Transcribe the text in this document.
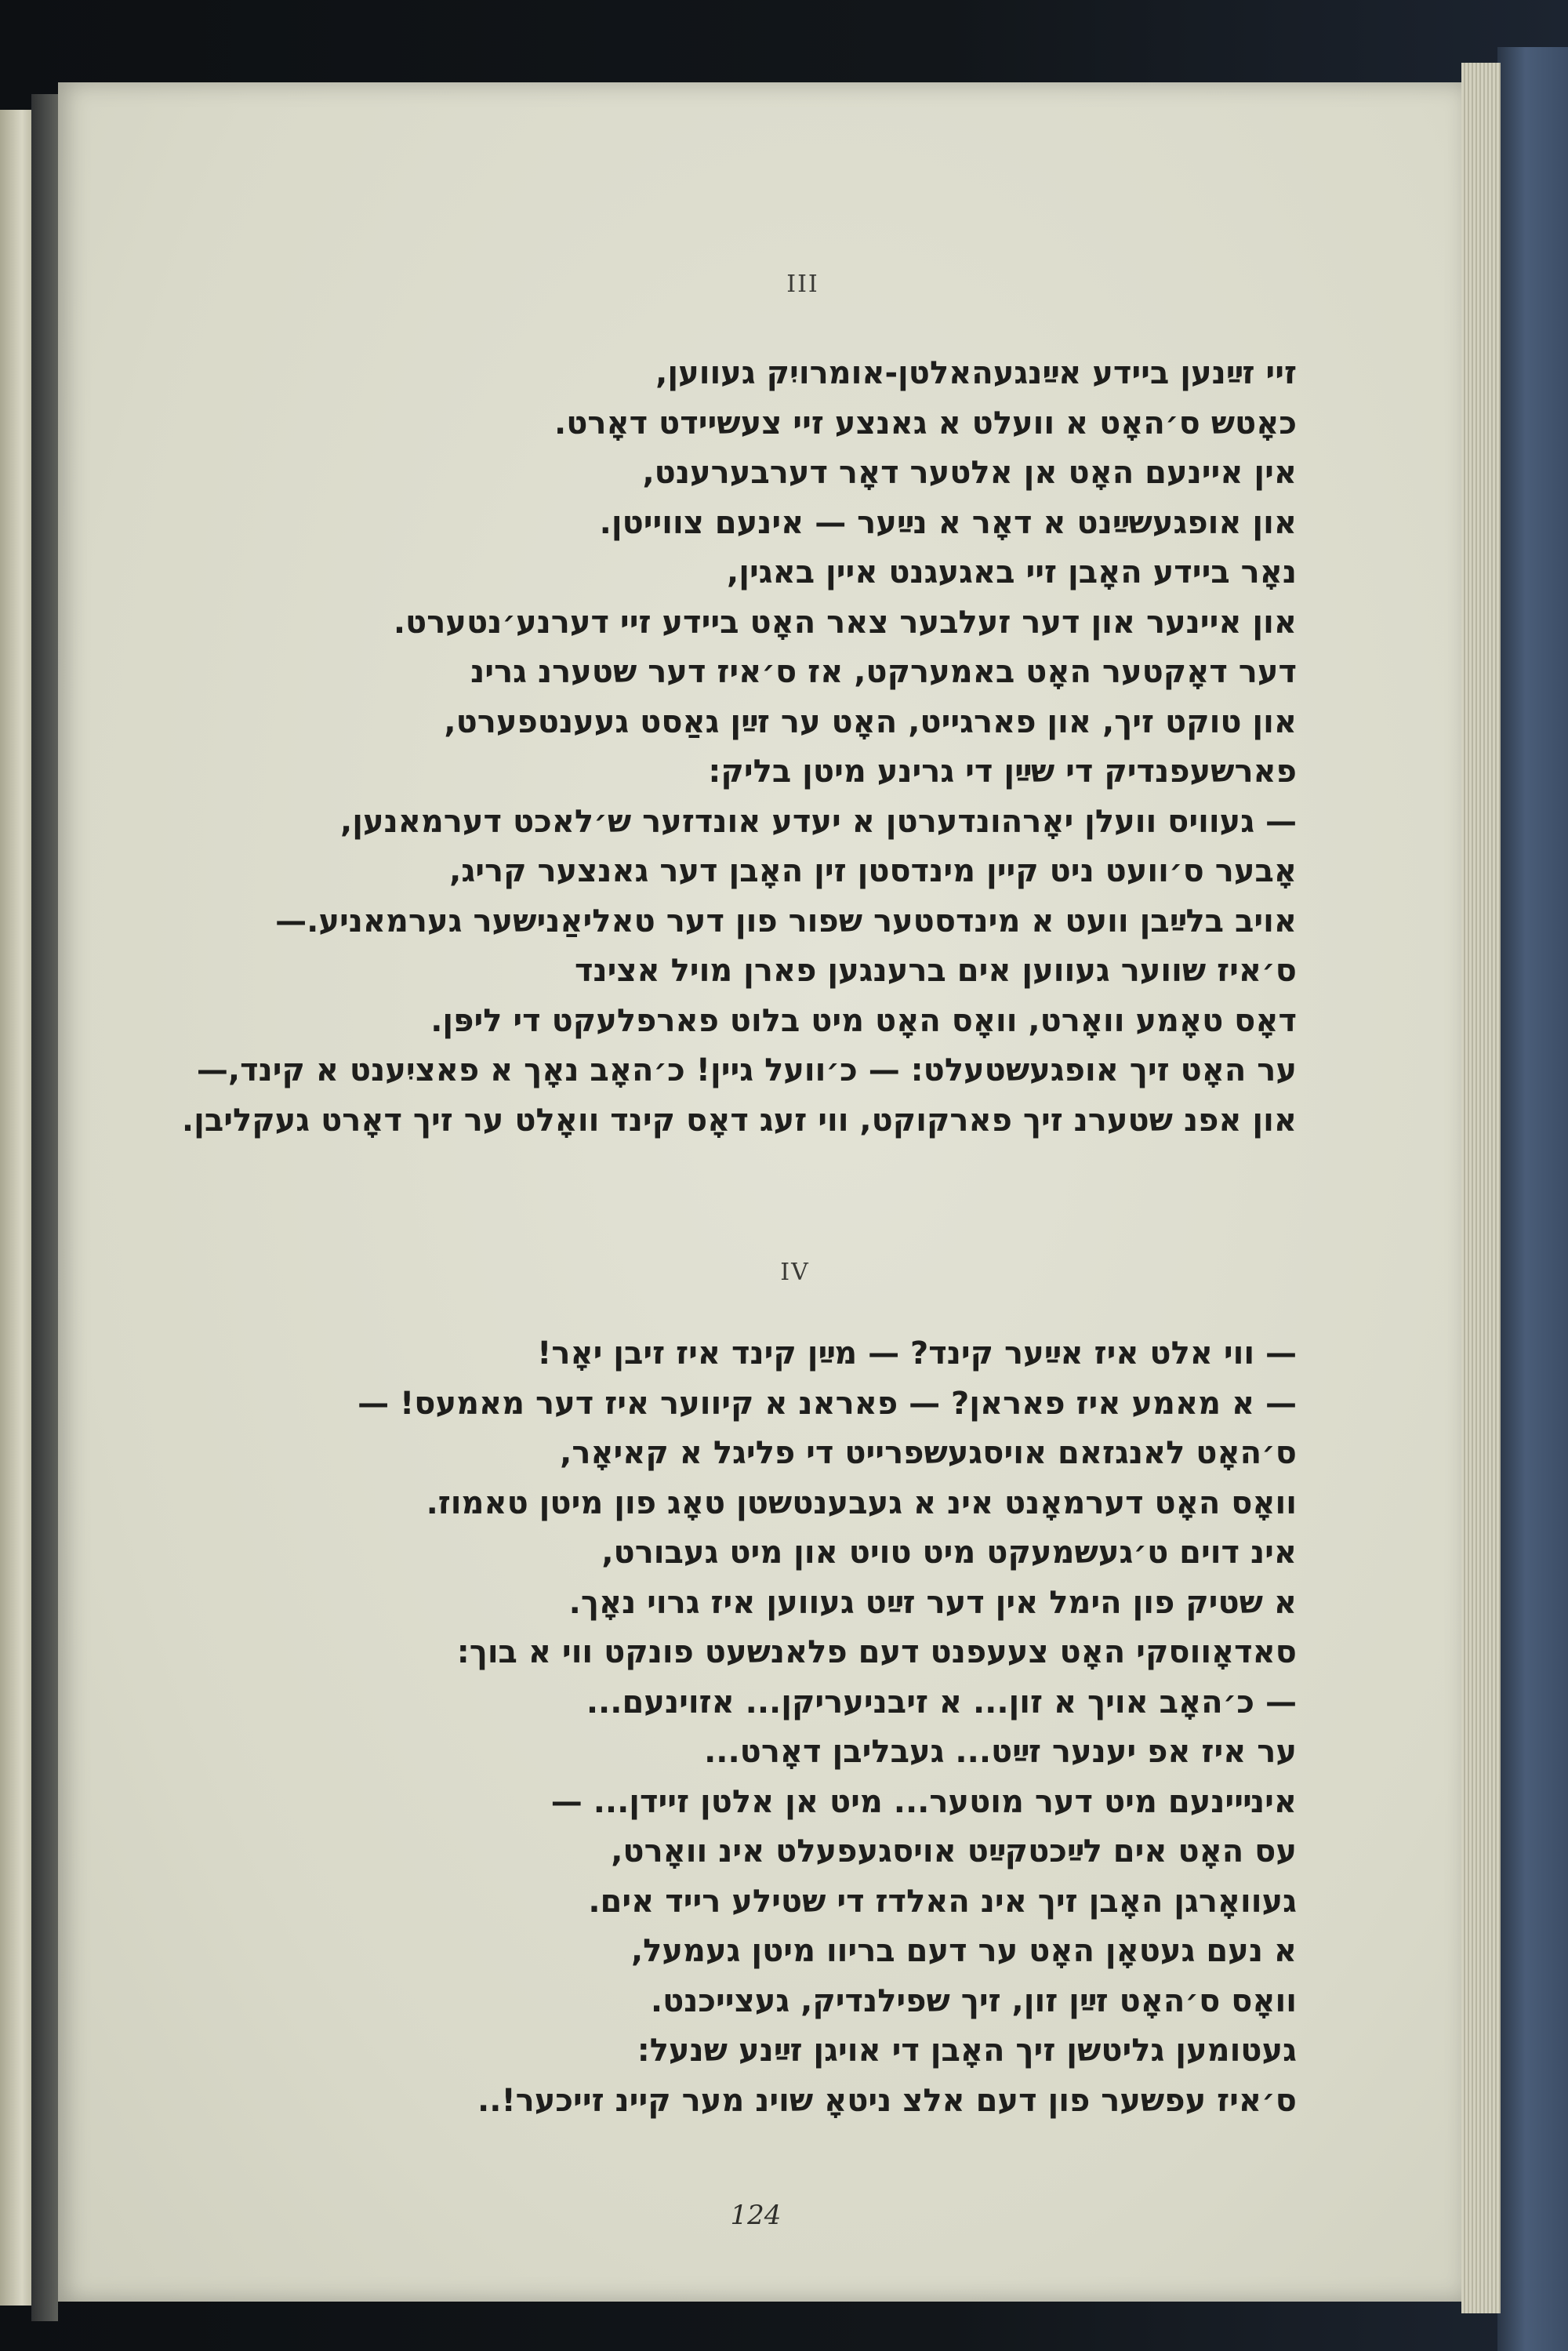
III
זיי זײַנען ביידע אײַנגעהאלטן-אומרויִק געווען,
כאָטש ס׳האָט א וועלט א גאנצע זיי צעשיידט דאָרט.
אין איינעם האָט אן אלטער דאָר דערבערענט,
און אופגעשײַנט א דאָר א נײַער — אינעם צווייטן.
נאָר ביידע האָבן זיי באגעגנט איין באגין,
און איינער און דער זעלבער צאר האָט ביידע זיי דערנע׳נטערט.
דער דאָקטער האָט באמערקט, אז ס׳איז דער שטערנ גרינ
און טוקט זיך, און פארגייט, האָט ער זײַן גאַסט געענטפערט,
פארשעפנדיק די שײַן די גרינע מיטן בליק:
— געוויס וועלן יאָרהונדערטן א יעדע אונדזער ש׳לאכט דערמאנען,
אָבער ס׳וועט ניט קיין מינדסטן זין האָבן דער גאנצער קריג,
אויב בלײַבן וועט א מינדסטער שפור פון דער טאליאַנישער גערמאניע.—
ס׳איז שווער געווען אים ברענגען פארן מויל אצינד
דאָס טאָמע וואָרט, וואָס האָט מיט בלוט פארפלעקט די ליפּן.
ער האָט זיך אופגעשטעלט: — כ׳וועל גיין! כ׳האָב נאָך א פאציִענט א קינד,—
און אפנ שטערנ זיך פארקוקט, ווי זעג דאָס קינד וואָלט ער זיך דאָרט געקליבן.
IV
— ווי אלט איז אײַער קינד? — מײַן קינד איז זיבן יאָר!
— א מאמע איז פאראן? — פאראנ א קיווער איז דער מאמעס! —
ס׳האָט לאנגזאם אויסגעשפרייט די פליגל א קאיאָר,
וואָס האָט דערמאָנט אינ א געבענטשטן טאָג פון מיטן טאמוז.
אינ דוים ט׳געשמעקט מיט טויט און מיט געבורט,
א שטיק פון הימל אין דער זײַט געווען איז גרוי נאָך.
סאדאָווסקי האָט צעעפנט דעם פלאנשעט פונקט ווי א בוך:
— כ׳האָב אויך א זון... א זיבניעריקן... אזוינעם...
ער איז אפ יענער זײַט... געבליבן דאָרט...
אינײינעם מיט דער מוטער... מיט אן אלטן זיידן... —
עס האָט אים לײַכטקײַט אויסגעפעלט אינ וואָרט,
געוואָרגן האָבן זיך אינ האלדז די שטילע רייד אים.
א נעם געטאָן האָט ער דעם בריוו מיטן געמעל,
וואָס ס׳האָט זײַן זון, זיך שפילנדיק, געצייכנט.
געטומען גליטשן זיך האָבן די אויגן זײַנע שנעל:
ס׳איז עפשער פון דעם אלצ ניטאָ שוינ מער קיינ זייכער!..
124
